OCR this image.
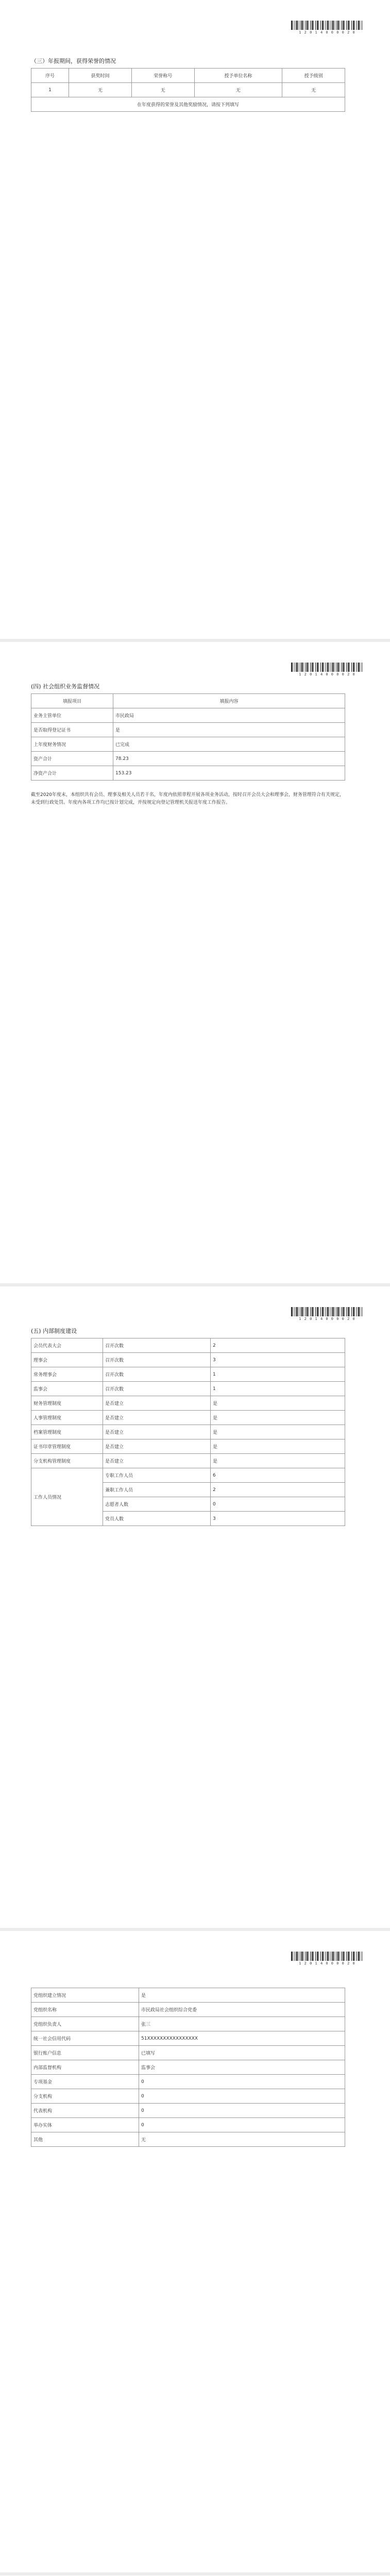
1 2 0 1 4 0 0 0 0 2 0
（三）年报期间，获得荣誉的情况
序号	获奖时间	荣誉称号	授予单位名称	授予级别
1	无	无	无	无
在年度获得的荣誉及其他奖励情况，请按下列填写				
1 2 0 1 4 0 0 0 0 2 0
(四) 社会组织业务监督情况
填报项目	填报内容
业务主管单位	市民政局
是否取得登记证书	是
上年度财务情况	已完成
资产合计	78.23
净资产合计	153.23
截至2020年度末，本组织共有会员、理事及相关人员若干名，年度内依照章程开展各项业务活动，按时召开会员大会和理事会，财务管理符合有关规定，未受到行政处罚。年度内各项工作均已按计划完成，并按规定向登记管理机关报送年度工作报告。
1 2 0 1 4 0 0 0 0 2 0
(五) 内部制度建设
会员代表大会	召开次数	2
理事会	召开次数	3
常务理事会	召开次数	1
监事会	召开次数	1
财务管理制度	是否建立	是
人事管理制度	是否建立	是
档案管理制度	是否建立	是
证书印章管理制度	是否建立	是
分支机构管理制度	是否建立	是
工作人员情况	专职工作人员	6
	兼职工作人员	2
	志愿者人数	0
	党员人数	3
1 2 0 1 4 0 0 0 0 2 0
党组织建立情况	是
党组织名称	市民政局社会组织综合党委
党组织负责人	张三
统一社会信用代码	51XXXXXXXXXXXXXXXX
银行账户信息	已填写
内部监督机构	监事会
专项基金	0
分支机构	0
代表机构	0
举办实体	0
其他	无
